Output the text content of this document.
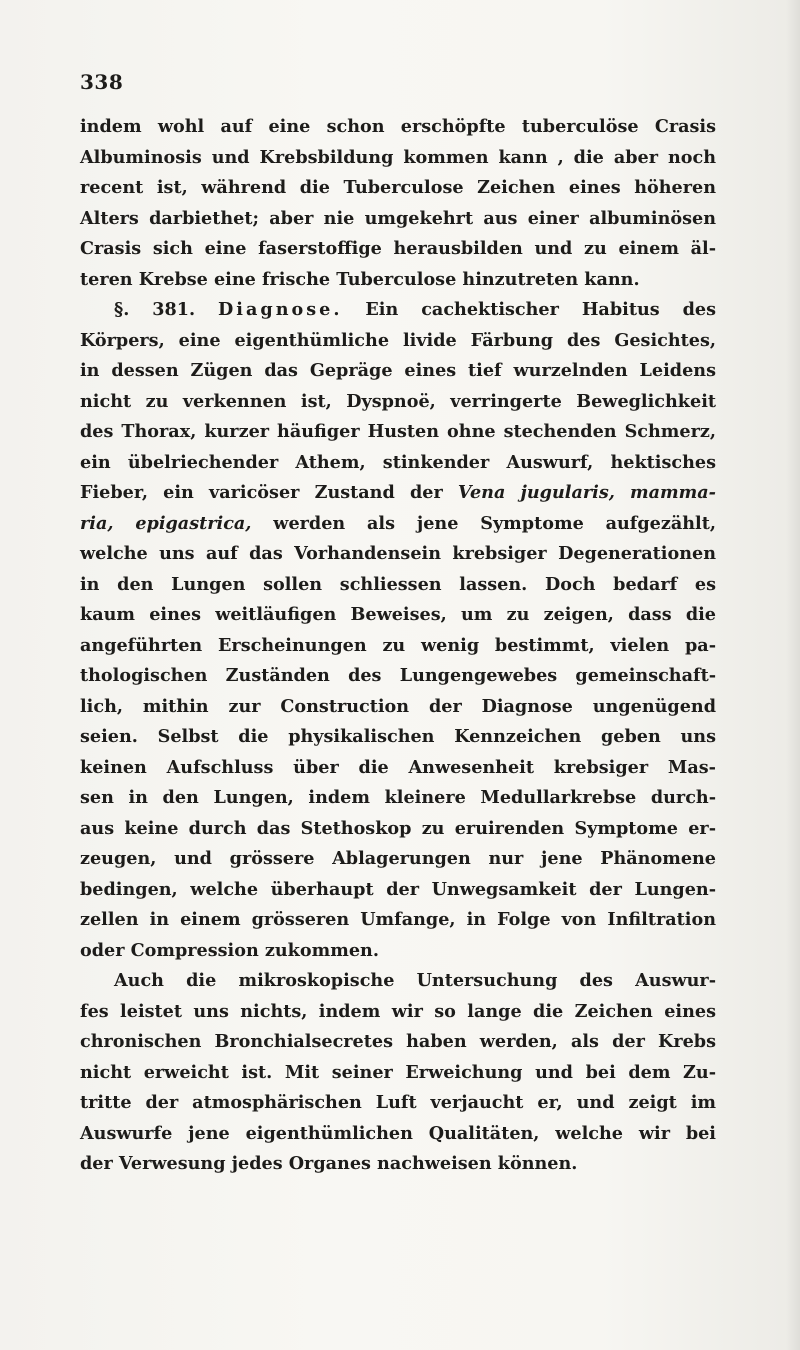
338

indem wohl auf eine schon erschöpfte tuberculöse Crasis
Albuminosis und Krebsbildung kommen kann , die aber noch
recent ist, während die Tuberculose Zeichen eines höheren
Alters darbiethet; aber nie umgekehrt aus einer albuminösen
Crasis sich eine faserstoffige herausbilden und zu einem äl-
teren Krebse eine frische Tuberculose hinzutreten kann.

§. 381. Diagnose. Ein cachektischer Habitus des
Körpers, eine eigenthümliche livide Färbung des Gesichtes,
in dessen Zügen das Gepräge eines tief wurzelnden Leidens
nicht zu verkennen ist, Dyspnoë, verringerte Beweglichkeit
des Thorax, kurzer häufiger Husten ohne stechenden Schmerz,
ein übelriechender Athem, stinkender Auswurf, hektisches
Fieber, ein varicöser Zustand der Vena jugularis, mamma-
ria, epigastrica, werden als jene Symptome aufgezählt,
welche uns auf das Vorhandensein krebsiger Degenerationen
in den Lungen sollen schliessen lassen. Doch bedarf es
kaum eines weitläufigen Beweises, um zu zeigen, dass die
angeführten Erscheinungen zu wenig bestimmt, vielen pa-
thologischen Zuständen des Lungengewebes gemeinschaft-
lich, mithin zur Construction der Diagnose ungenügend
seien. Selbst die physikalischen Kennzeichen geben uns
keinen Aufschluss über die Anwesenheit krebsiger Mas-
sen in den Lungen, indem kleinere Medullarkrebse durch-
aus keine durch das Stethoskop zu eruirenden Symptome er-
zeugen, und grössere Ablagerungen nur jene Phänomene
bedingen, welche überhaupt der Unwegsamkeit der Lungen-
zellen in einem grösseren Umfange, in Folge von Infiltration
oder Compression zukommen.

Auch die mikroskopische Untersuchung des Auswur-
fes leistet uns nichts, indem wir so lange die Zeichen eines
chronischen Bronchialsecretes haben werden, als der Krebs
nicht erweicht ist. Mit seiner Erweichung und bei dem Zu-
tritte der atmosphärischen Luft verjaucht er, und zeigt im
Auswurfe jene eigenthümlichen Qualitäten, welche wir bei
der Verwesung jedes Organes nachweisen können.
